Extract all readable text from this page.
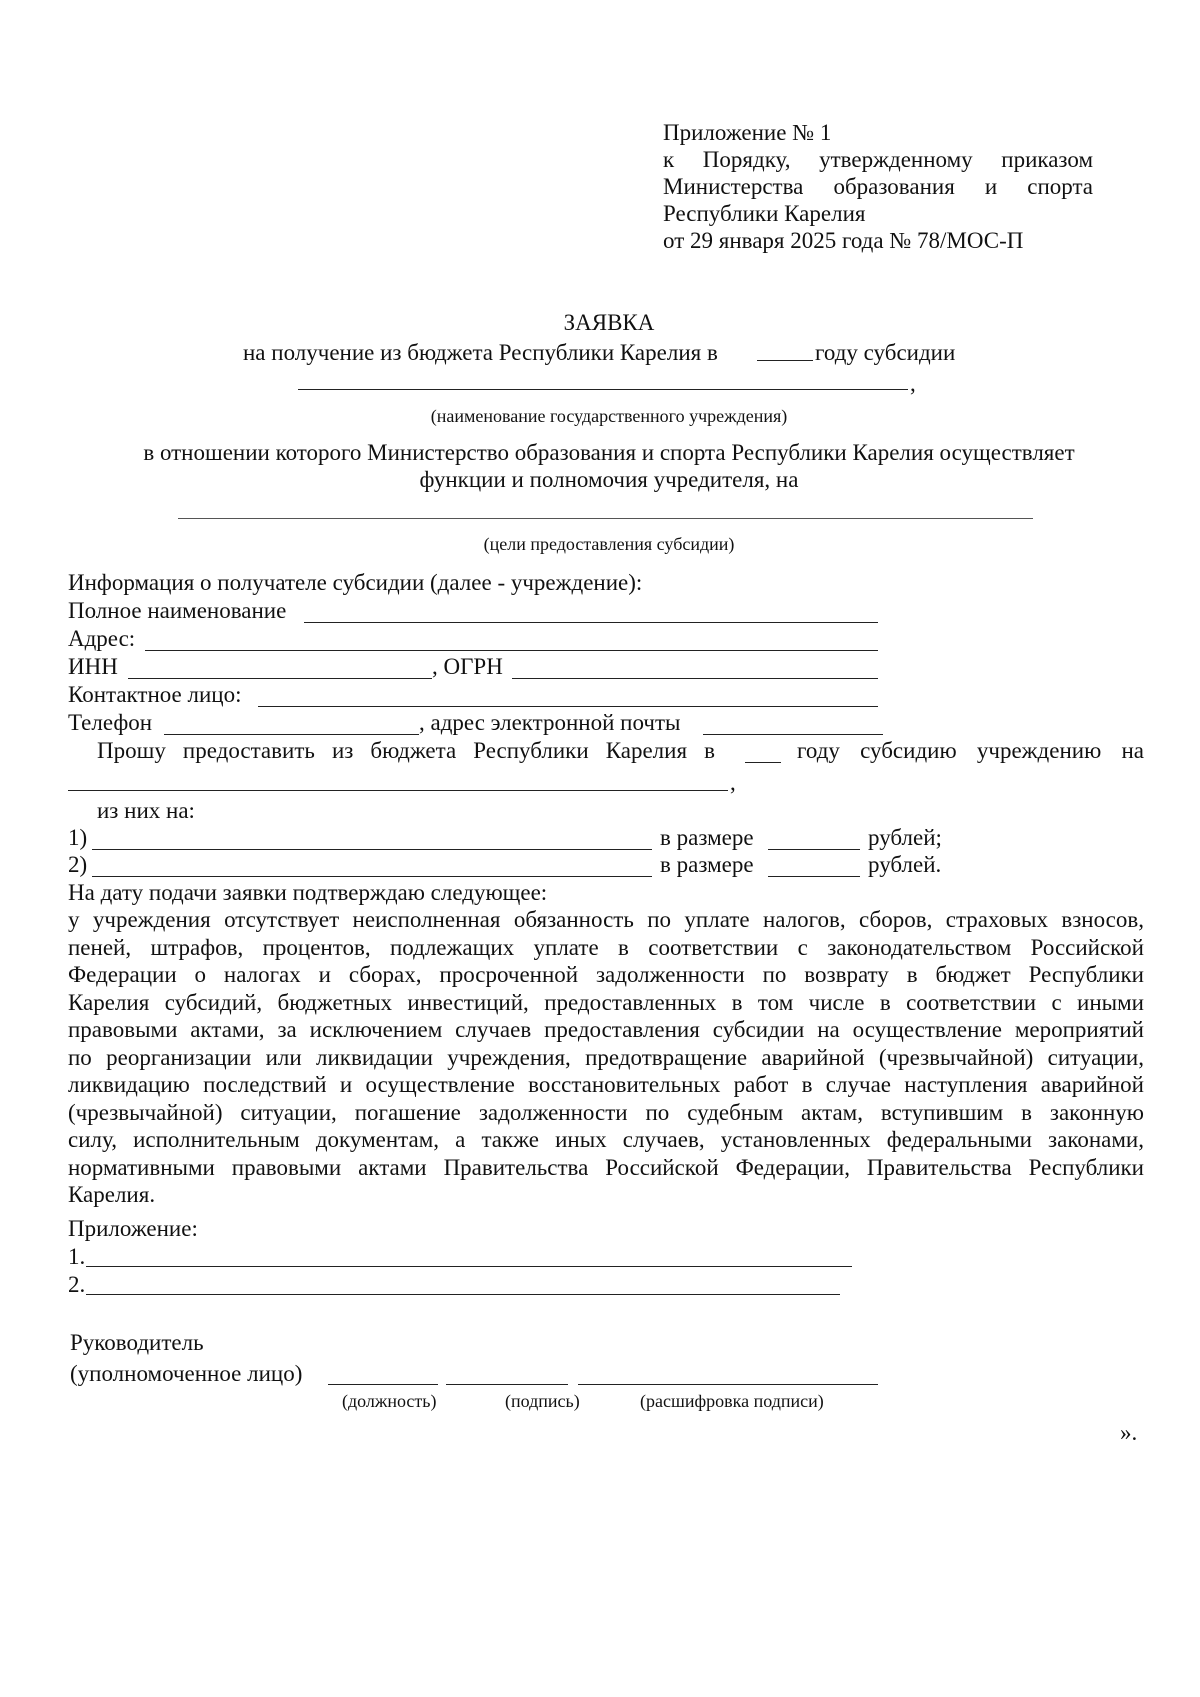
Приложение № 1
к Порядку, утвержденному приказом
Министерства образования и спорта
Республики Карелия
от 29 января 2025 года № 78/МОС-П
ЗАЯВКА
на получение из бюджета Республики Карелия в	году субсидии
,
(наименование государственного учреждения)
в отношении которого Министерство образования и спорта Республики Карелия осуществляет
функции и полномочия учредителя, на
(цели предоставления субсидии)
Информация о получателе субсидии (далее - учреждение):
Полное наименование
Адрес:
ИНН	, ОГРН
Контактное лицо:
Телефон	, адрес электронной почты
Прошу предоставить из бюджета Республики Карелия в	году субсидию учреждению на
,
из них на:
1)	в размере	рублей;
2)	в размере	рублей.
На дату подачи заявки подтверждаю следующее:
у учреждения отсутствует неисполненная обязанность по уплате налогов, сборов, страховых взносов,
пеней, штрафов, процентов, подлежащих уплате в соответствии с законодательством Российской
Федерации о налогах и сборах, просроченной задолженности по возврату в бюджет Республики
Карелия субсидий, бюджетных инвестиций, предоставленных в том числе в соответствии с иными
правовыми актами, за исключением случаев предоставления субсидии на осуществление мероприятий
по реорганизации или ликвидации учреждения, предотвращение аварийной (чрезвычайной) ситуации,
ликвидацию последствий и осуществление восстановительных работ в случае наступления аварийной
(чрезвычайной) ситуации, погашение задолженности по судебным актам, вступившим в законную
силу, исполнительным документам, а также иных случаев, установленных федеральными законами,
нормативными правовыми актами Правительства Российской Федерации, Правительства Республики
Карелия.
Приложение:
1.
2.
Руководитель
(уполномоченное лицо)
(должность)	(подпись)	(расшифровка подписи)
».
